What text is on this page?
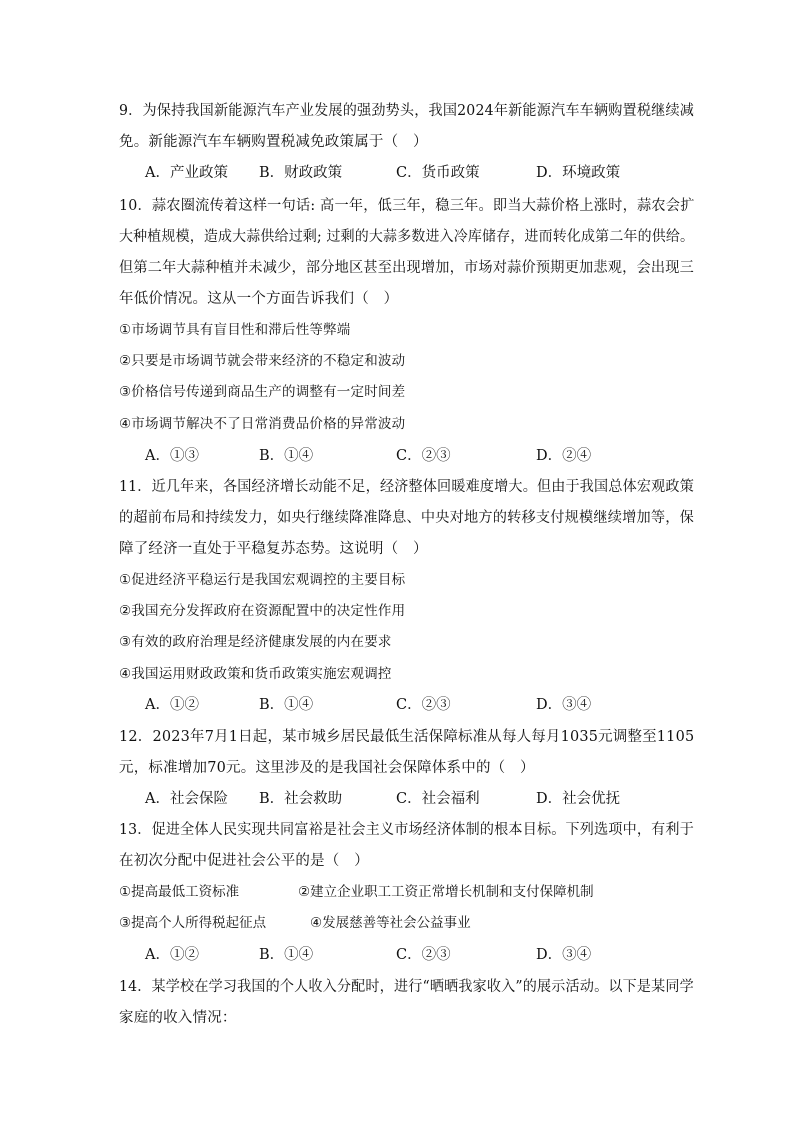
9．为保持我国新能源汽车产业发展的强劲势头，我国2024年新能源汽车车辆购置税继续减
免。新能源汽车车辆购置税减免政策属于（　）
A．产业政策 B．财政政策	C．货币政策	D．环境政策
10．蒜农圈流传着这样一句话: 高一年，低三年，稳三年。即当大蒜价格上涨时，蒜农会扩
大种植规模，造成大蒜供给过剩; 过剩的大蒜多数进入冷库储存，进而转化成第二年的供给。
但第二年大蒜种植并未减少，部分地区甚至出现增加，市场对蒜价预期更加悲观，会出现三
年低价情况。这从一个方面告诉我们（　）
①市场调节具有盲目性和滞后性等弊端
②只要是市场调节就会带来经济的不稳定和波动
③价格信号传递到商品生产的调整有一定时间差
④市场调节解决不了日常消费品价格的异常波动
A．①③	B．①④	C．②③	D．②④
11．近几年来，各国经济增长动能不足，经济整体回暖难度增大。但由于我国总体宏观政策
的超前布局和持续发力，如央行继续降准降息、中央对地方的转移支付规模继续增加等，保
障了经济一直处于平稳复苏态势。这说明（　）
①促进经济平稳运行是我国宏观调控的主要目标
②我国充分发挥政府在资源配置中的决定性作用
③有效的政府治理是经济健康发展的内在要求
④我国运用财政政策和货币政策实施宏观调控
A．①②	B．①④	C．②③	D．③④
12．2023年7月1日起，某市城乡居民最低生活保障标准从每人每月1035元调整至1105
元，标准增加70元。这里涉及的是我国社会保障体系中的（　）
A．社会保险 B．社会救助	C．社会福利	D．社会优抚
13．促进全体人民实现共同富裕是社会主义市场经济体制的根本目标。下列选项中，有利于
在初次分配中促进社会公平的是（　）
①提高最低工资标准	②建立企业职工工资正常增长机制和支付保障机制
③提高个人所得税起征点	④发展慈善等社会公益事业
A．①②	B．①④	C．②③	D．③④
14．某学校在学习我国的个人收入分配时，进行“晒晒我家收入”的展示活动。以下是某同学
家庭的收入情况：
